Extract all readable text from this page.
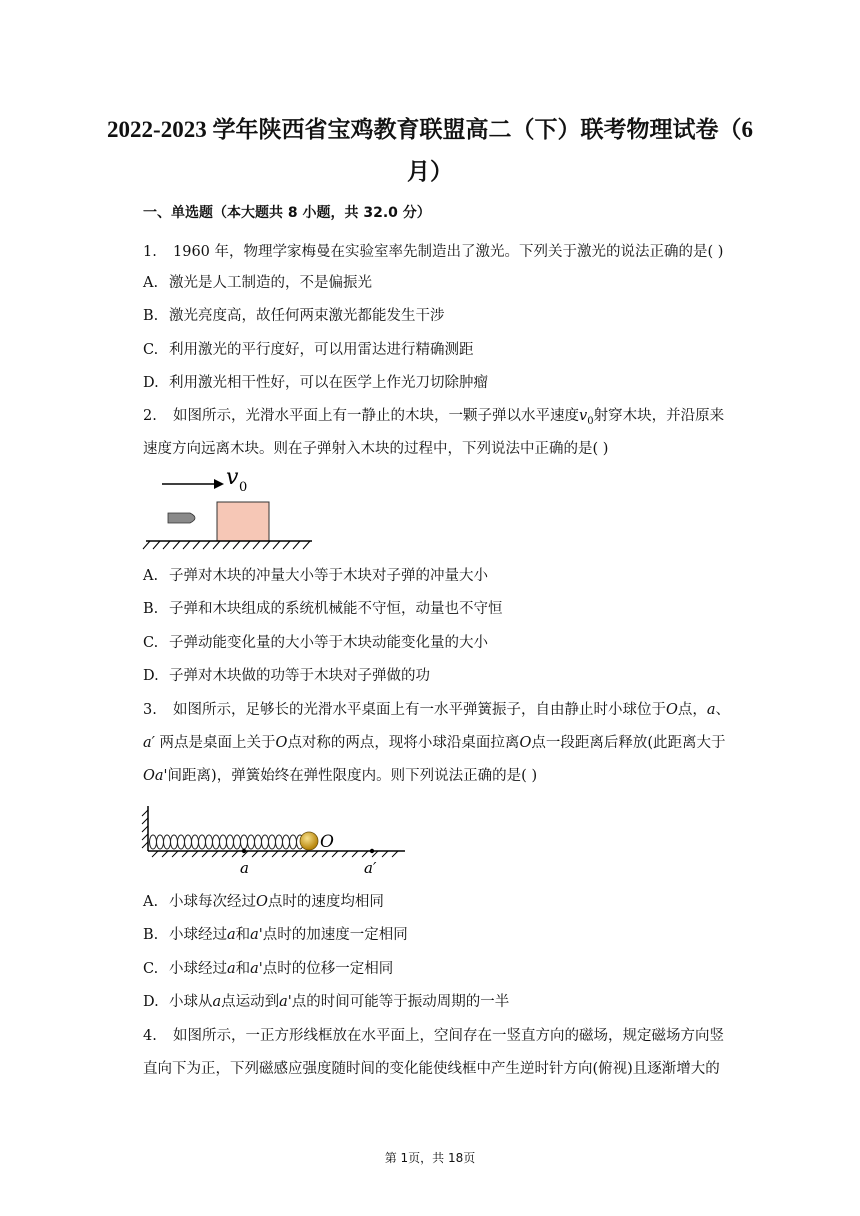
2022-2023 学年陕西省宝鸡教育联盟高二（下）联考物理试卷（6
月）
一、单选题（本大题共 8 小题，共 32.0 分）
1. 1960 年，物理学家梅曼在实验室率先制造出了激光。下列关于激光的说法正确的是( )
A. 激光是人工制造的，不是偏振光
B. 激光亮度高，故任何两束激光都能发生干涉
C. 利用激光的平行度好，可以用雷达进行精确测距
D. 利用激光相干性好，可以在医学上作光刀切除肿瘤
2. 如图所示，光滑水平面上有一静止的木块，一颗子弹以水平速度$v_0$射穿木块，并沿原来
速度方向远离木块。则在子弹射入木块的过程中，下列说法中正确的是( )
v 0
A. 子弹对木块的冲量大小等于木块对子弹的冲量大小
B. 子弹和木块组成的系统机械能不守恒，动量也不守恒
C. 子弹动能变化量的大小等于木块动能变化量的大小
D. 子弹对木块做的功等于木块对子弹做的功
3. 如图所示，足够长的光滑水平桌面上有一水平弹簧振子，自由静止时小球位于O点，a、
a′ 两点是桌面上关于O点对称的两点，现将小球沿桌面拉离O点一段距离后释放(此距离大于
Oa'间距离)，弹簧始终在弹性限度内。则下列说法正确的是( )
O
a	a′
A. 小球每次经过O点时的速度均相同
B. 小球经过a和a'点时的加速度一定相同
C. 小球经过a和a'点时的位移一定相同
D. 小球从a点运动到a'点的时间可能等于振动周期的一半
4. 如图所示，一正方形线框放在水平面上，空间存在一竖直方向的磁场，规定磁场方向竖
直向下为正，下列磁感应强度随时间的变化能使线框中产生逆时针方向(俯视)且逐渐增大的
第 1页，共 18页
